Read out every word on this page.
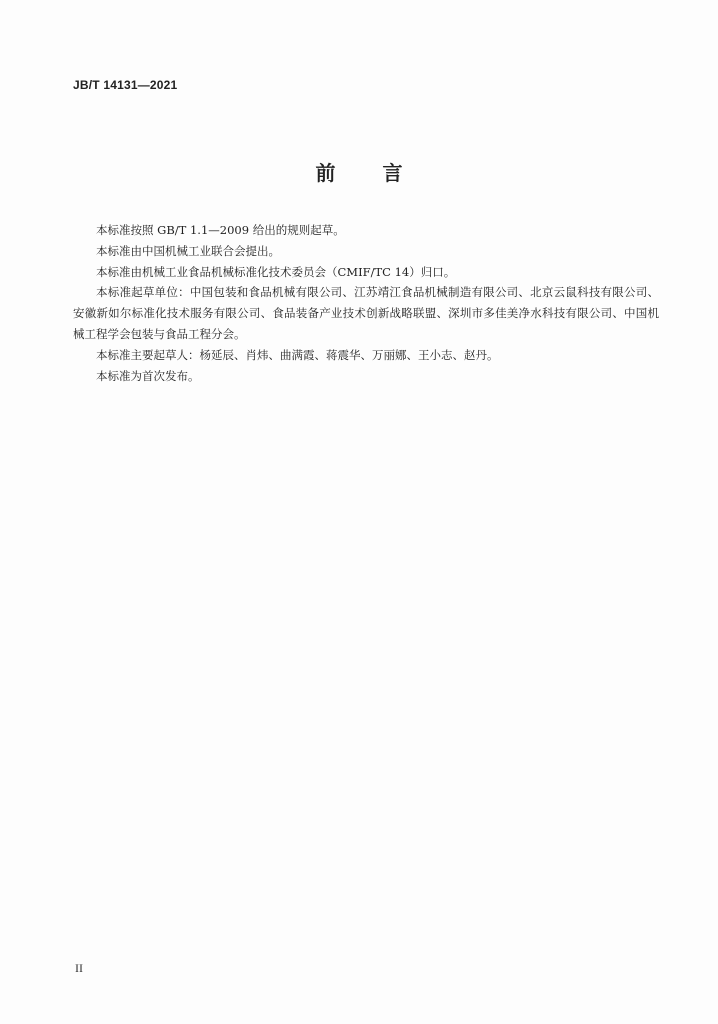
JB/T 14131—2021
前 言

本标准按照 GB/T 1.1—2009 给出的规则起草。

本标准由中国机械工业联合会提出。

本标准由机械工业食品机械标准化技术委员会（CMIF/TC 14）归口。

本标准起草单位：中国包装和食品机械有限公司、江苏靖江食品机械制造有限公司、北京云鼠科技有限公司、安徽新如尔标准化技术服务有限公司、食品装备产业技术创新战略联盟、深圳市多佳美净水科技有限公司、中国机械工程学会包装与食品工程分会。

本标准主要起草人：杨延辰、肖炜、曲满霞、蒋震华、万丽娜、王小志、赵丹。

本标准为首次发布。

II
